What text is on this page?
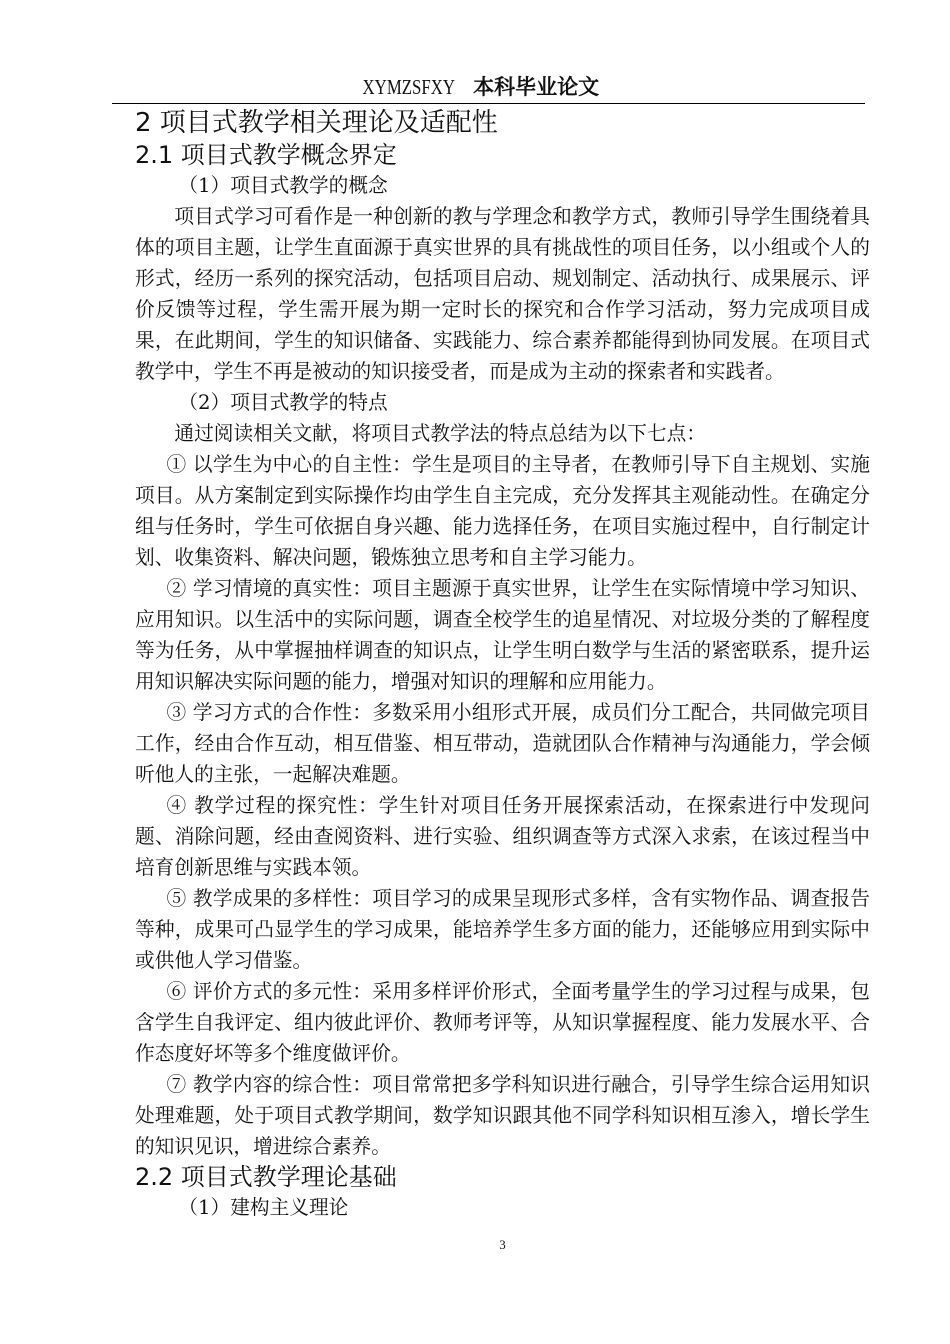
XYMZSFXY 本科毕业论文
2 项目式教学相关理论及适配性
2.1 项目式教学概念界定
（1）项目式教学的概念
项目式学习可看作是一种创新的教与学理念和教学方式，教师引导学生围绕着具体的项目主题，让学生直面源于真实世界的具有挑战性的项目任务，以小组或个人的形式，经历一系列的探究活动，包括项目启动、规划制定、活动执行、成果展示、评价反馈等过程，学生需开展为期一定时长的探究和合作学习活动，努力完成项目成果，在此期间，学生的知识储备、实践能力、综合素养都能得到协同发展。在项目式教学中，学生不再是被动的知识接受者，而是成为主动的探索者和实践者。
（2）项目式教学的特点
通过阅读相关文献，将项目式教学法的特点总结为以下七点：
① 以学生为中心的自主性：学生是项目的主导者，在教师引导下自主规划、实施项目。从方案制定到实际操作均由学生自主完成，充分发挥其主观能动性。在确定分组与任务时，学生可依据自身兴趣、能力选择任务，在项目实施过程中，自行制定计划、收集资料、解决问题，锻炼独立思考和自主学习能力。
② 学习情境的真实性：项目主题源于真实世界，让学生在实际情境中学习知识、应用知识。以生活中的实际问题，调查全校学生的追星情况、对垃圾分类的了解程度等为任务，从中掌握抽样调查的知识点，让学生明白数学与生活的紧密联系，提升运用知识解决实际问题的能力，增强对知识的理解和应用能力。
③ 学习方式的合作性：多数采用小组形式开展，成员们分工配合，共同做完项目工作，经由合作互动，相互借鉴、相互带动，造就团队合作精神与沟通能力，学会倾听他人的主张，一起解决难题。
④ 教学过程的探究性：学生针对项目任务开展探索活动，在探索进行中发现问题、消除问题，经由查阅资料、进行实验、组织调查等方式深入求索，在该过程当中培育创新思维与实践本领。
⑤ 教学成果的多样性：项目学习的成果呈现形式多样，含有实物作品、调查报告等种，成果可凸显学生的学习成果，能培养学生多方面的能力，还能够应用到实际中或供他人学习借鉴。
⑥ 评价方式的多元性：采用多样评价形式，全面考量学生的学习过程与成果，包含学生自我评定、组内彼此评价、教师考评等，从知识掌握程度、能力发展水平、合作态度好坏等多个维度做评价。
⑦ 教学内容的综合性：项目常常把多学科知识进行融合，引导学生综合运用知识处理难题，处于项目式教学期间，数学知识跟其他不同学科知识相互渗入，增长学生的知识见识，增进综合素养。
2.2 项目式教学理论基础
（1）建构主义理论
3
